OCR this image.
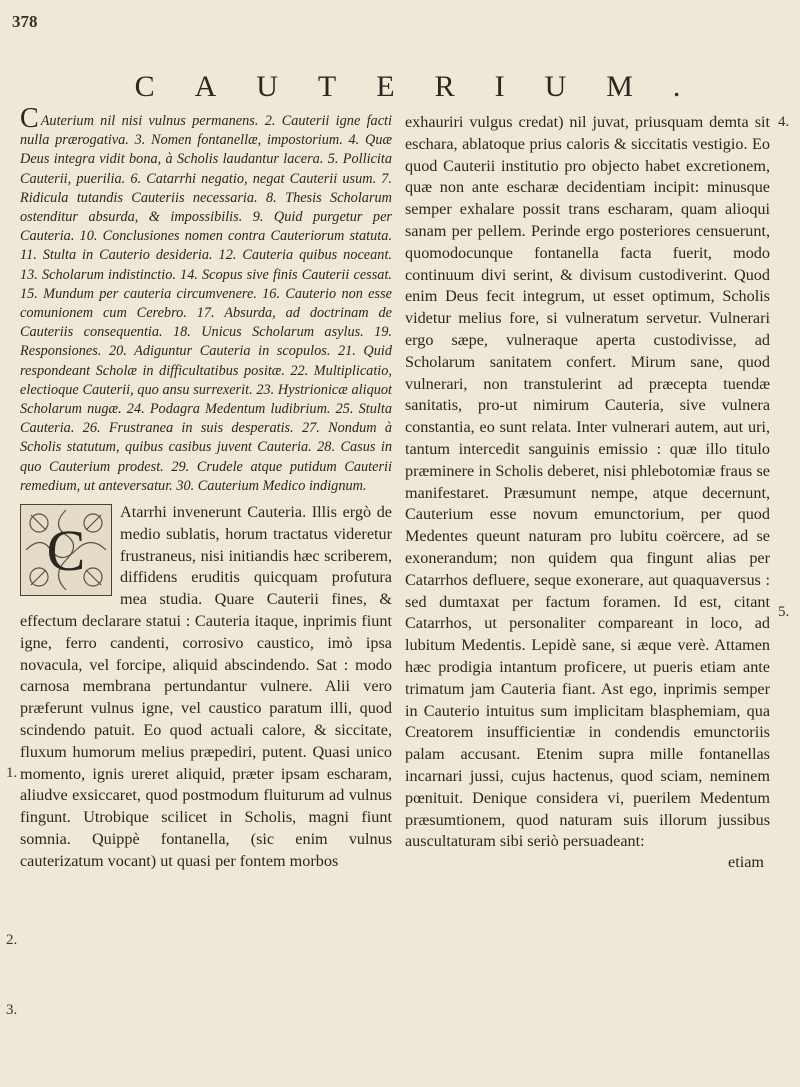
378
CAUTERIUM.

C Auterium nil nisi vulnus permanens. 2. Cauterii igne facti nulla prærogativa. 3. Nomen fontanellæ, impostorium. 4. Quæ Deus integra vidit bona, à Scholis laudantur lacera. 5. Pollicita Cauterii, puerilia. 6. Catarrhi negatio, negat Cauterii usum. 7. Ridicula tutandis Cauteriis necessaria. 8. Thesis Scholarum ostenditur absurda, & impossibilis. 9. Quid purgetur per Cauteria. 10. Conclusiones nomen contra Cauteriorum statuta. 11. Stulta in Cauterio desideria. 12. Cauteria quibus noceant. 13. Scholarum indistinctio. 14. Scopus sive finis Cauterii cessat. 15. Mundum per cauteria circumvenere. 16. Cauterio non esse comunionem cum Cerebro. 17. Absurda, ad doctrinam de Cauteriis consequentia. 18. Unicus Scholarum asylus. 19. Responsiones. 20. Adiguntur Cauteria in scopulos. 21. Quid respondeant Scholæ in difficultatibus positæ. 22. Multiplicatio, electioque Cauterii, quo ansu surrexerit. 23. Hystrionicæ aliquot Scholarum nugæ. 24. Podagra Medentum ludibrium. 25. Stulta Cauteria. 26. Frustranea in suis desperatis. 27. Nondum à Scholis statutum, quibus casibus juvent Cauteria. 28. Casus in quo Cauterium prodest. 29. Crudele atque putidum Cauterii remedium, ut anteversatur. 30. Cauterium Medico indignum.

C

Atarrhi invenerunt Cauteria. Illis ergò de medio sublatis, horum tractatus videretur frustraneus, nisi initiandis hæc scriberem, diffidens eruditis quicquam profutura mea studia. Quare Cauterii fines, & effectum declarare statui : Cauteria itaque, inprimis fiunt igne, ferro candenti, corrosivo caustico, imò ipsa novacula, vel forcipe, aliquid abscindendo. Sat : modo carnosa membrana pertundantur vulnere. Alii vero præferunt vulnus igne, vel caustico paratum illi, quod scindendo patuit. Eo quod actuali calore, & siccitate, fluxum humorum melius præpediri, putent. Quasi unico momento, ignis ureret aliquid, præter ipsam escharam, aliudve exsiccaret, quod postmodum fluiturum ad vulnus fingunt. Utrobique scilicet in Scholis, magni fiunt somnia. Quippè fontanella, (sic enim vulnus cauterizatum vocant) ut quasi per fontem morbos

1.
2.
3.
4.
5.

exhauriri vulgus credat) nil juvat, priusquam demta sit eschara, ablatoque prius caloris & siccitatis vestigio. Eo quod Cauterii institutio pro objecto habet excretionem, quæ non ante escharæ decidentiam incipit: minusque semper exhalare possit trans escharam, quam alioqui sanam per pellem. Perinde ergo posteriores censuerunt, quomodocunque fontanella facta fuerit, modo continuum divi serint, & divisum custodiverint. Quod enim Deus fecit integrum, ut esset optimum, Scholis videtur melius fore, si vulneratum servetur. Vulnerari ergo sæpe, vulneraque aperta custodivisse, ad Scholarum sanitatem confert. Mirum sane, quod vulnerari, non transtulerint ad præcepta tuendæ sanitatis, pro-ut nimirum Cauteria, sive vulnera constantia, eo sunt relata. Inter vulnerari autem, aut uri, tantum intercedit sanguinis emissio : quæ illo titulo præminere in Scholis deberet, nisi phlebotomiæ fraus se manifestaret. Præsumunt nempe, atque decernunt, Cauterium esse novum emunctorium, per quod Medentes queunt naturam pro lubitu coërcere, ad se exonerandum; non quidem qua fingunt alias per Catarrhos defluere, seque exonerare, aut quaquaversus : sed dumtaxat per factum foramen. Id est, citant Catarrhos, ut personaliter compareant in loco, ad lubitum Medentis. Lepidè sane, si æque verè. Attamen hæc prodigia intantum proficere, ut pueris etiam ante trimatum jam Cauteria fiant. Ast ego, inprimis semper in Cauterio intuitus sum implicitam blasphemiam, qua Creatorem insufficientiæ in condendis emunctoriis palam accusant. Etenim supra mille fontanellas incarnari jussi, cujus hactenus, quod sciam, neminem pœnituit. Denique considera vi, puerilem Medentum præsumtionem, quod naturam suis illorum jussibus auscultaturam sibi seriò persuadeant:

etiam
